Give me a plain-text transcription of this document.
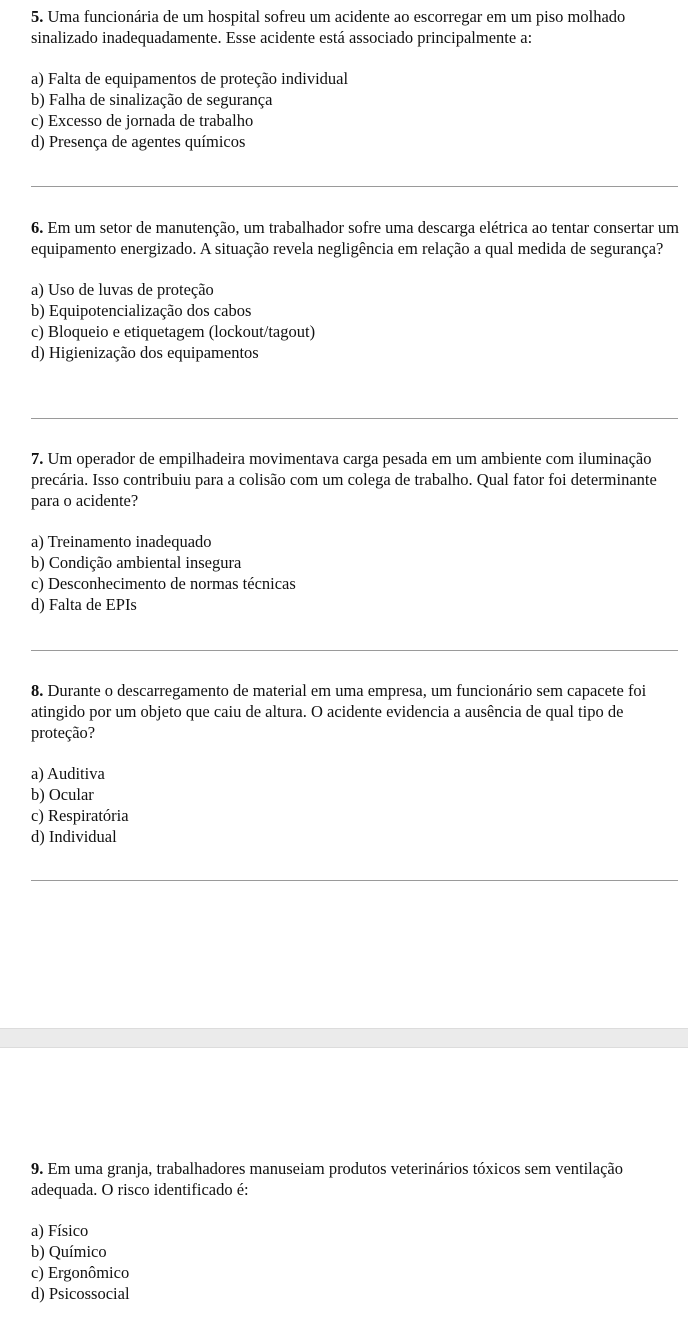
5. Uma funcionária de um hospital sofreu um acidente ao escorregar em um piso molhado sinalizado inadequadamente. Esse acidente está associado principalmente a:

a) Falta de equipamentos de proteção individual
b) Falha de sinalização de segurança
c) Excesso de jornada de trabalho
d) Presença de agentes químicos

6. Em um setor de manutenção, um trabalhador sofre uma descarga elétrica ao tentar consertar um equipamento energizado. A situação revela negligência em relação a qual medida de segurança?

a) Uso de luvas de proteção
b) Equipotencialização dos cabos
c) Bloqueio e etiquetagem (lockout/tagout)
d) Higienização dos equipamentos

7. Um operador de empilhadeira movimentava carga pesada em um ambiente com iluminação precária. Isso contribuiu para a colisão com um colega de trabalho. Qual fator foi determinante para o acidente?

a) Treinamento inadequado
b) Condição ambiental insegura
c) Desconhecimento de normas técnicas
d) Falta de EPIs

8. Durante o descarregamento de material em uma empresa, um funcionário sem capacete foi atingido por um objeto que caiu de altura. O acidente evidencia a ausência de qual tipo de proteção?

a) Auditiva
b) Ocular
c) Respiratória
d) Individual

9. Em uma granja, trabalhadores manuseiam produtos veterinários tóxicos sem ventilação adequada. O risco identificado é:

a) Físico
b) Químico
c) Ergonômico
d) Psicossocial
